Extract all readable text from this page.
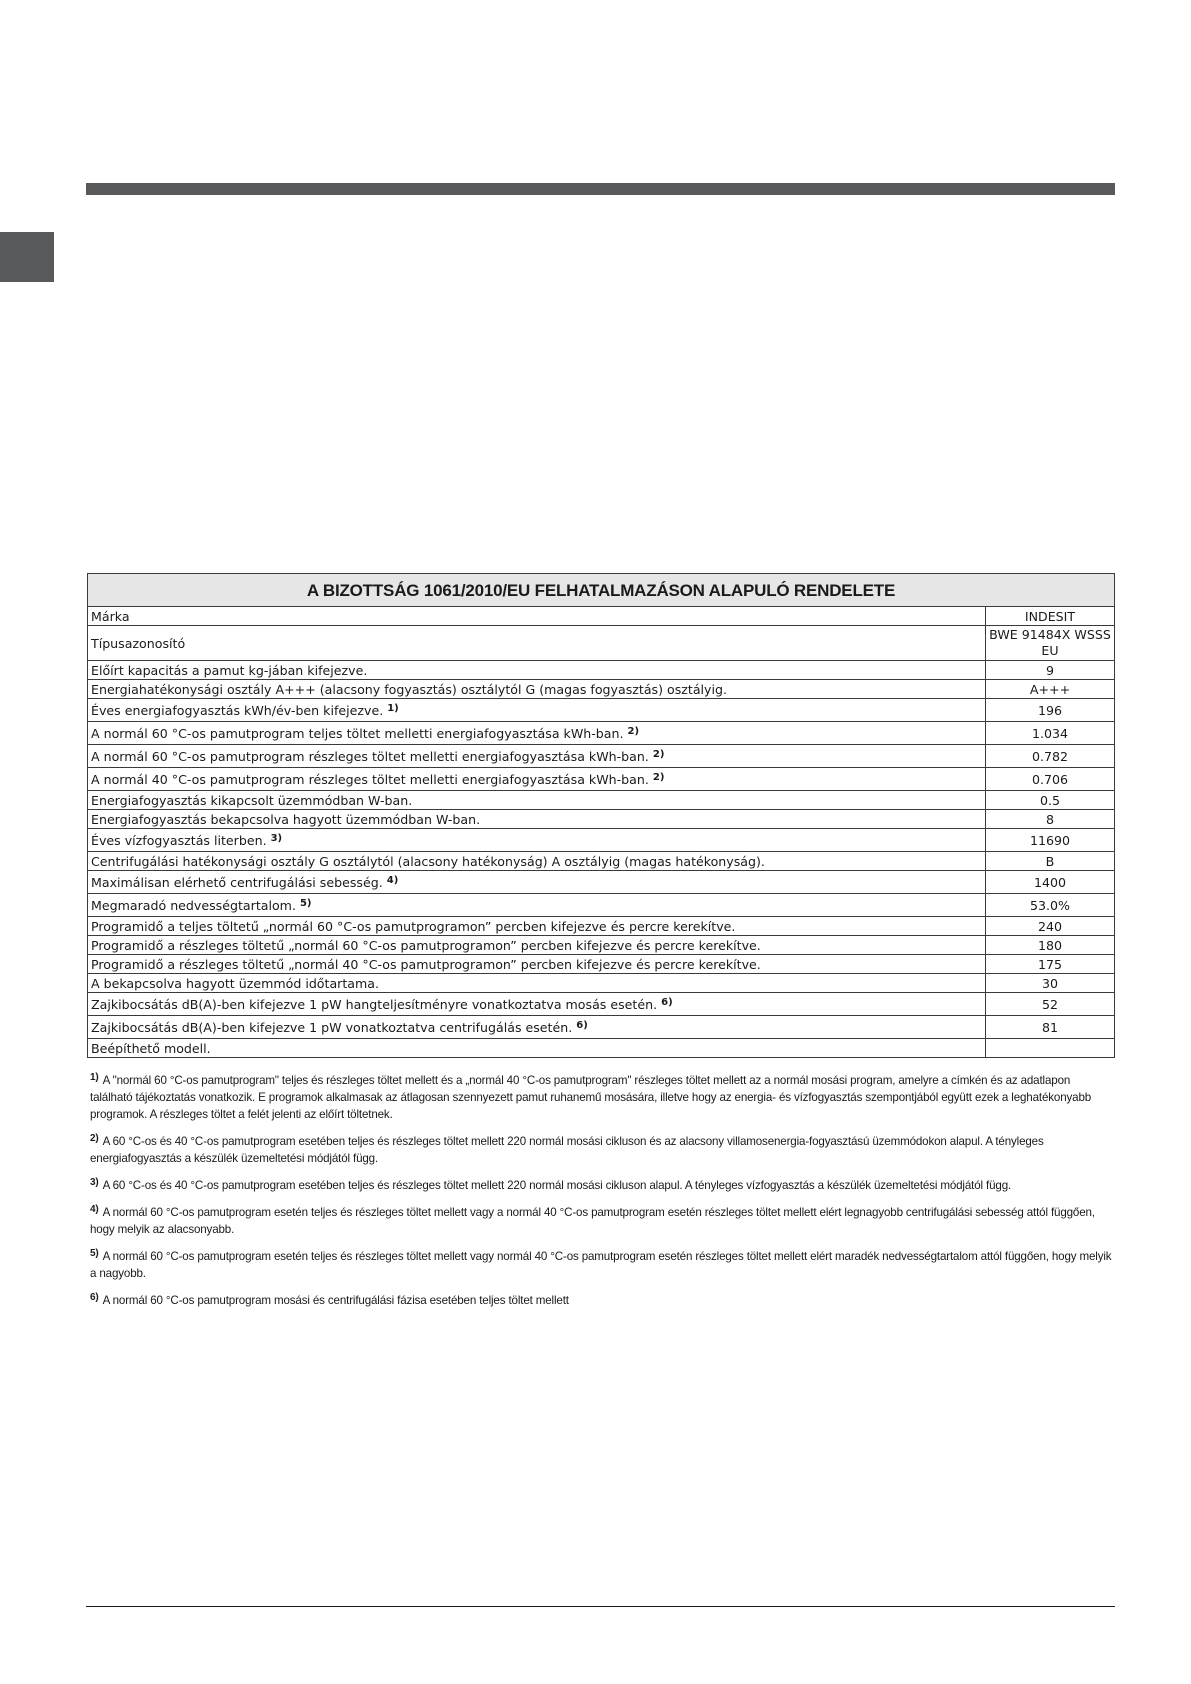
A BIZOTTSÁG 1061/2010/EU FELHATALMAZÁSON ALAPULÓ RENDELETE	
Márka	INDESIT
Típusazonosító	BWE 91484X WSSS EU
Előírt kapacitás a pamut kg-jában kifejezve.	9
Energiahatékonysági osztály A+++ (alacsony fogyasztás) osztálytól G (magas fogyasztás) osztályig.	A+++
Éves energiafogyasztás kWh/év-ben kifejezve. $^{1)}$	196
A normál 60 °C-os pamutprogram teljes töltet melletti energiafogyasztása kWh-ban. $^{2)}$	1.034
A normál 60 °C-os pamutprogram részleges töltet melletti energiafogyasztása kWh-ban. $^{2)}$	0.782
A normál 40 °C-os pamutprogram részleges töltet melletti energiafogyasztása kWh-ban. $^{2)}$	0.706
Energiafogyasztás kikapcsolt üzemmódban W-ban.	0.5
Energiafogyasztás bekapcsolva hagyott üzemmódban W-ban.	8
Éves vízfogyasztás literben. $^{3)}$	11690
Centrifugálási hatékonysági osztály G osztálytól (alacsony hatékonyság) A osztályig (magas hatékonyság).	B
Maximálisan elérhető centrifugálási sebesség. $^{4)}$	1400
Megmaradó nedvességtartalom. $^{5)}$	53.0%
Programidő a teljes töltetű „normál 60 °C-os pamutprogramon” percben kifejezve és percre kerekítve.	240
Programidő a részleges töltetű „normál 60 °C-os pamutprogramon” percben kifejezve és percre kerekítve.	180
Programidő a részleges töltetű „normál 40 °C-os pamutprogramon” percben kifejezve és percre kerekítve.	175
A bekapcsolva hagyott üzemmód időtartama.	30
Zajkibocsátás dB(A)-ben kifejezve 1 pW hangteljesítményre vonatkoztatva mosás esetén. $^{6)}$	52
Zajkibocsátás dB(A)-ben kifejezve 1 pW vonatkoztatva centrifugálás esetén. $^{6)}$	81
Beépíthető modell.	
1) A "normál 60 °C-os pamutprogram" teljes és részleges töltet mellett és a „normál 40 °C-os pamutprogram" részleges töltet mellett az a normál mosási program, amelyre a címkén és az adatlapon található tájékoztatás vonatkozik. E programok alkalmasak az átlagosan szennyezett pamut ruhanemű mosására, illetve hogy az energia- és vízfogyasztás szempontjából együtt ezek a leghatékonyabb programok. A részleges töltet a felét jelenti az előírt töltetnek.
2) A 60 °C-os és 40 °C-os pamutprogram esetében teljes és részleges töltet mellett 220 normál mosási cikluson és az alacsony villamosenergia-fogyasztású üzemmódokon alapul. A tényleges energiafogyasztás a készülék üzemeltetési módjától függ.
3) A 60 °C-os és 40 °C-os pamutprogram esetében teljes és részleges töltet mellett 220 normál mosási cikluson alapul. A tényleges vízfogyasztás a készülék üzemeltetési módjától függ.
4) A normál 60 °C-os pamutprogram esetén teljes és részleges töltet mellett vagy a normál 40 °C-os pamutprogram esetén részleges töltet mellett elért legnagyobb centrifugálási sebesség attól függően, hogy melyik az alacsonyabb.
5) A normál 60 °C-os pamutprogram esetén teljes és részleges töltet mellett vagy normál 40 °C-os pamutprogram esetén részleges töltet mellett elért maradék nedvességtartalom attól függően, hogy melyik a nagyobb.
6) A normál 60 °C-os pamutprogram mosási és centrifugálási fázisa esetében teljes töltet mellett
